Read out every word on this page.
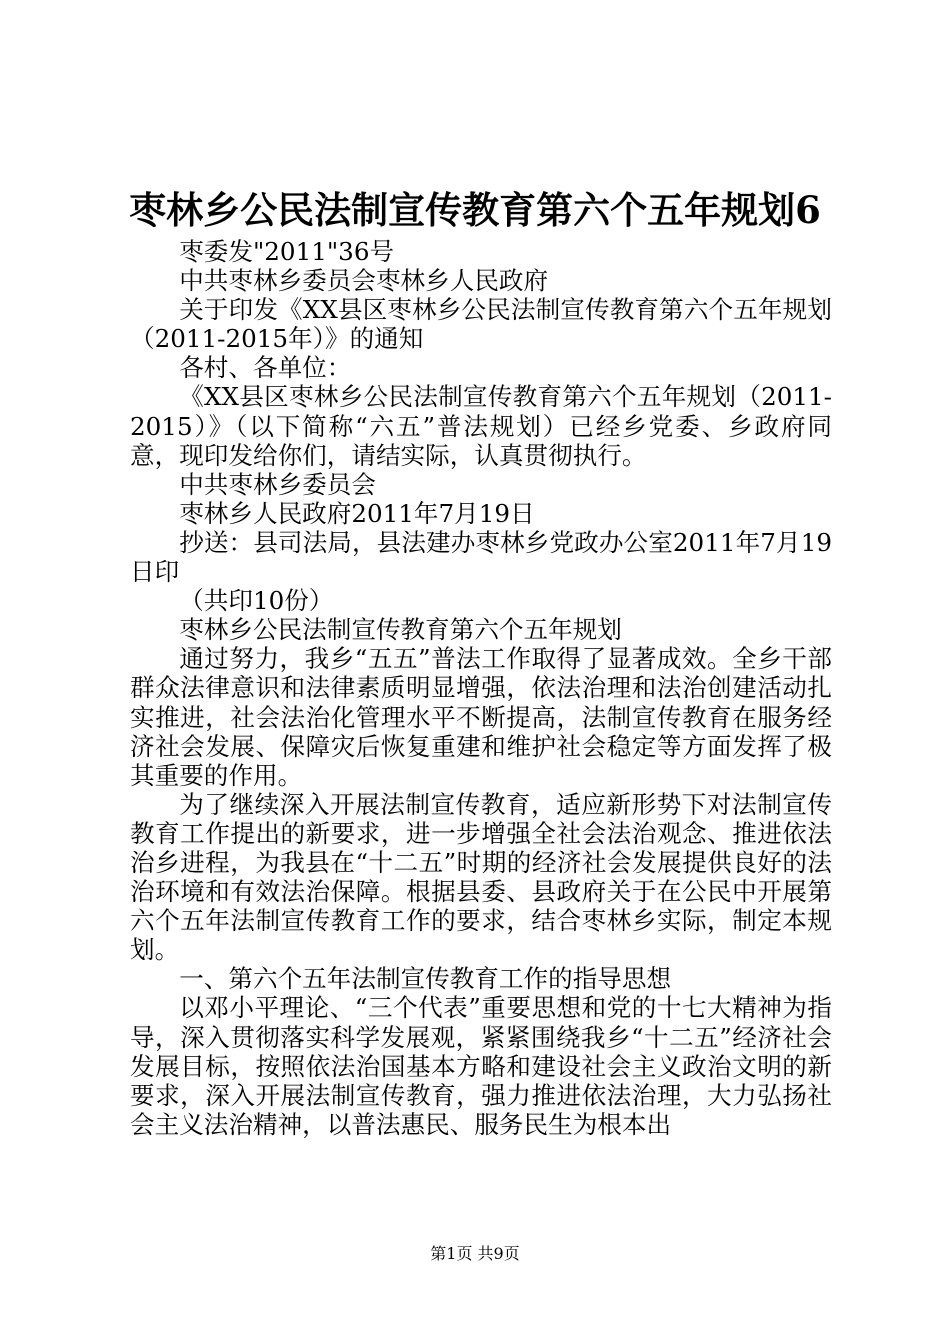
枣林乡公民法制宣传教育第六个五年规划6

枣委发"2011"36号

中共枣林乡委员会枣林乡人民政府

关于印发《XX县区枣林乡公民法制宣传教育第六个五年规划（2011-2015年）》的通知

各村、各单位：

《XX县区枣林乡公民法制宣传教育第六个五年规划（2011-2015）》（以下简称“六五”普法规划）已经乡党委、乡政府同意，现印发给你们，请结实际，认真贯彻执行。

中共枣林乡委员会

枣林乡人民政府2011年7月19日

抄送：县司法局，县法建办枣林乡党政办公室2011年7月19日印

（共印10份）

枣林乡公民法制宣传教育第六个五年规划

通过努力，我乡“五五”普法工作取得了显著成效。全乡干部群众法律意识和法律素质明显增强，依法治理和法治创建活动扎实推进，社会法治化管理水平不断提高，法制宣传教育在服务经济社会发展、保障灾后恢复重建和维护社会稳定等方面发挥了极其重要的作用。

为了继续深入开展法制宣传教育，适应新形势下对法制宣传教育工作提出的新要求，进一步增强全社会法治观念、推进依法治乡进程，为我县在“十二五”时期的经济社会发展提供良好的法治环境和有效法治保障。根据县委、县政府关于在公民中开展第六个五年法制宣传教育工作的要求，结合枣林乡实际，制定本规划。

一、第六个五年法制宣传教育工作的指导思想

以邓小平理论、“三个代表”重要思想和党的十七大精神为指导，深入贯彻落实科学发展观，紧紧围绕我乡“十二五”经济社会发展目标，按照依法治国基本方略和建设社会主义政治文明的新要求，深入开展法制宣传教育，强力推进依法治理，大力弘扬社会主义法治精神，以普法惠民、服务民生为根本出

第1页 共9页
